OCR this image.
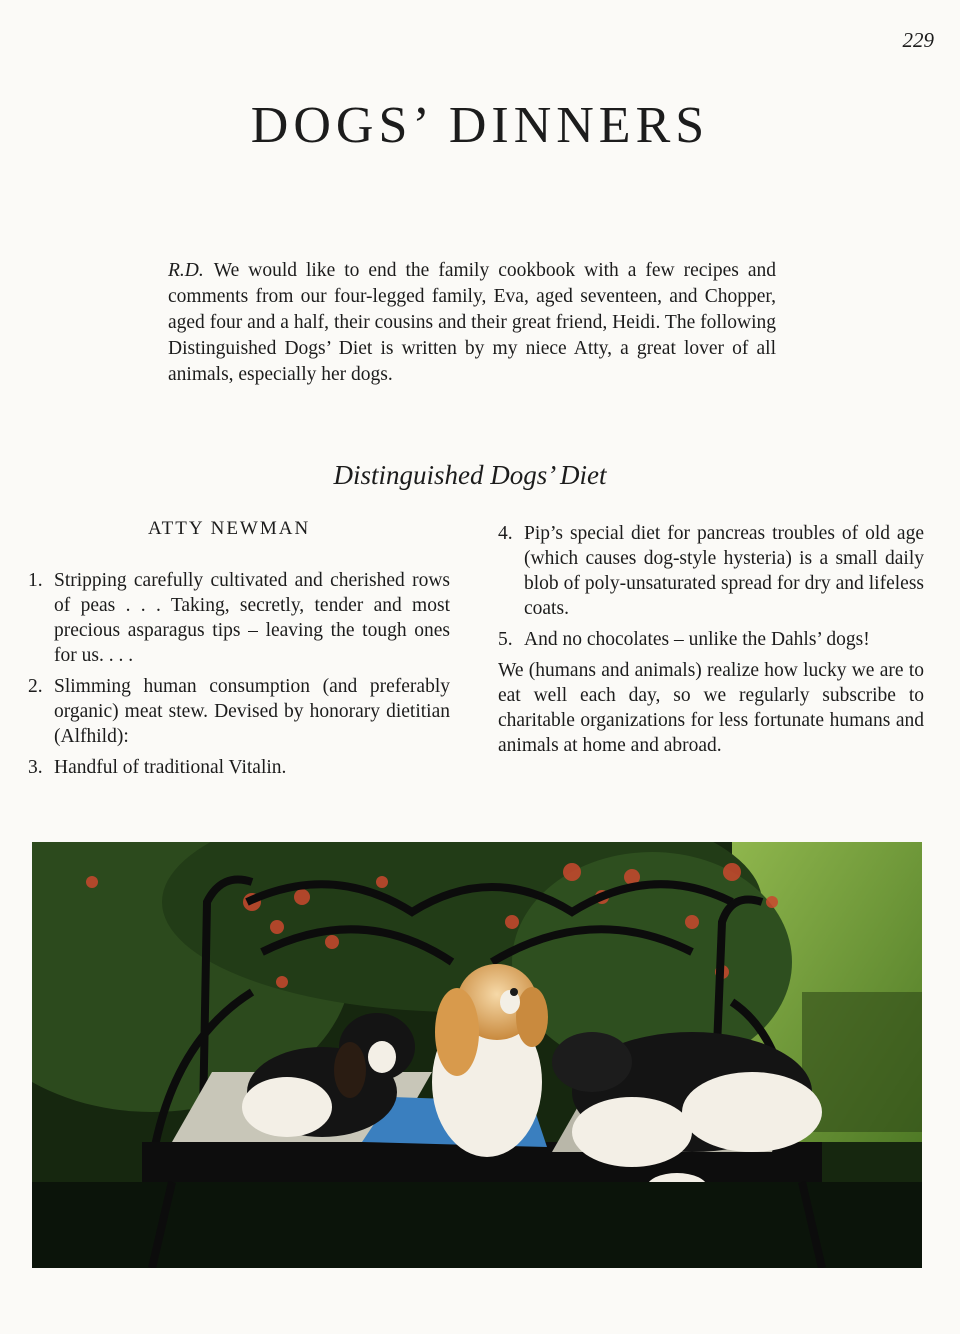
229
DOGS’ DINNERS

R.D. We would like to end the family cookbook with a few recipes and comments from our four-legged family, Eva, aged seventeen, and Chopper, aged four and a half, their cousins and their great friend, Heidi. The following Distinguished Dogs’ Diet is written by my niece Atty, a great lover of all animals, especially her dogs.

Distinguished Dogs’ Diet
ATTY NEWMAN
1. Stripping carefully cultivated and cherished rows of peas . . . Taking, secretly, tender and most precious asparagus tips – leaving the tough ones for us. . . .
2. Slimming human consumption (and preferably organic) meat stew. Devised by honorary dietitian (Alfhild):
3. Handful of traditional Vitalin.
4. Pip’s special diet for pancreas troubles of old age (which causes dog-style hysteria) is a small daily blob of poly-unsaturated spread for dry and lifeless coats.
5. And no chocolates – unlike the Dahls’ dogs!

We (humans and animals) realize how lucky we are to eat well each day, so we regularly subscribe to charitable organizations for less fortunate humans and animals at home and abroad.
